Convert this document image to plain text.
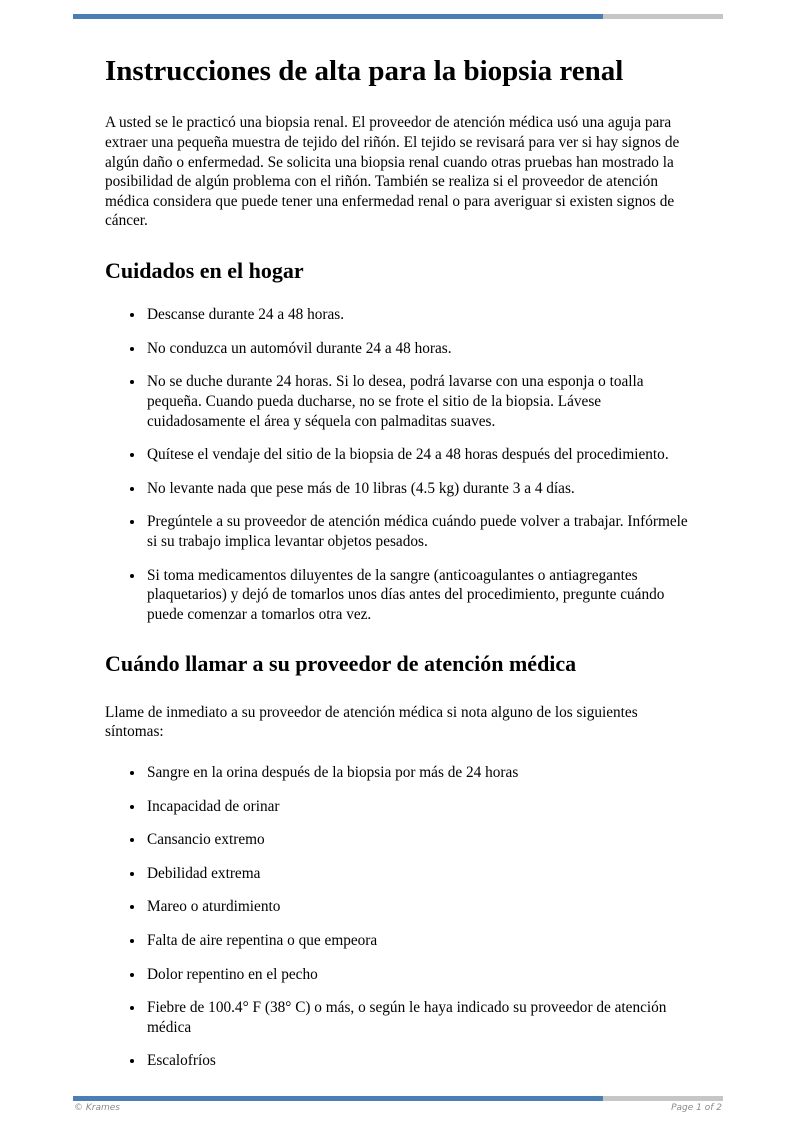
Instrucciones de alta para la biopsia renal

A usted se le practicó una biopsia renal. El proveedor de atención médica usó una aguja para extraer una pequeña muestra de tejido del riñón. El tejido se revisará para ver si hay signos de algún daño o enfermedad. Se solicita una biopsia renal cuando otras pruebas han mostrado la posibilidad de algún problema con el riñón. También se realiza si el proveedor de atención médica considera que puede tener una enfermedad renal o para averiguar si existen signos de cáncer.

Cuidados en el hogar
• Descanse durante 24 a 48 horas.
• No conduzca un automóvil durante 24 a 48 horas.
• No se duche durante 24 horas. Si lo desea, podrá lavarse con una esponja o toalla pequeña. Cuando pueda ducharse, no se frote el sitio de la biopsia. Lávese cuidadosamente el área y séquela con palmaditas suaves.
• Quítese el vendaje del sitio de la biopsia de 24 a 48 horas después del procedimiento.
• No levante nada que pese más de 10 libras (4.5 kg) durante 3 a 4 días.
• Pregúntele a su proveedor de atención médica cuándo puede volver a trabajar. Infórmele si su trabajo implica levantar objetos pesados.
• Si toma medicamentos diluyentes de la sangre (anticoagulantes o antiagregantes plaquetarios) y dejó de tomarlos unos días antes del procedimiento, pregunte cuándo puede comenzar a tomarlos otra vez.
Cuándo llamar a su proveedor de atención médica

Llame de inmediato a su proveedor de atención médica si nota alguno de los siguientes síntomas:

• Sangre en la orina después de la biopsia por más de 24 horas
• Incapacidad de orinar
• Cansancio extremo
• Debilidad extrema
• Mareo o aturdimiento
• Falta de aire repentina o que empeora
• Dolor repentino en el pecho
• Fiebre de 100.4° F (38° C) o más, o según le haya indicado su proveedor de atención médica
• Escalofríos
© Krames	Page 1 of 2
